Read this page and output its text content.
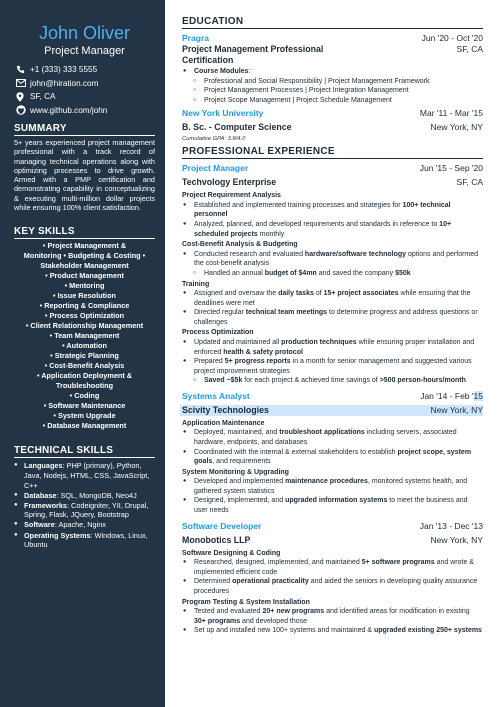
John Oliver
Project Manager
+1 (333) 333 5555
john@hiration.com
SF, CA
www.github.com/john
SUMMARY
5+ years experienced project management professional with a track record of managing technical operations along with optimizing processes to drive growth. Armed with a PMP certification and demonstrating capability in conceptualizing & executing multi-million dollar projects while ensuring 100% client satisfaction.
KEY SKILLS
• Project Management &
Monitoring • Budgeting & Costing •
Stakeholder Management
• Product Management
• Mentoring
• Issue Resolution
• Reporting & Compliance
• Process Optimization
• Client Relationship Management
• Team Management
• Automation
• Strategic Planning
• Cost-Benefit Analysis
• Application Deployment &
Troubleshooting
• Coding
• Software Maintenance
• System Upgrade
• Database Management
TECHNICAL SKILLS
● Languages: PHP (primary), Python, Java, Nodejs, HTML, CSS, JavaScript, C++
● Database: SQL, MongoDB, Neo4J
● Frameworks: Codeigniter, YII, Drupal, Spring, Flask, JQuery, Bootstrap
● Software: Apache, Nginx
● Operating Systems: Windows, Linux, Ubuntu
EDUCATION
Pragra	Jun '20 - Oct '20
Project Management Professional Certification
SF, CA
● Course Modules:
○ Professional and Social Responsibility | Project Management Framework
○ Project Management Processes | Project Integration Management
○ Project Scope Management | Project Schedule Management
New York University	Mar '11 - Mar '15
B. Sc. - Computer Science	New York, NY
Cumulative GPA: 3.8/4.0
PROFESSIONAL EXPERIENCE
Project Manager	Jun '15 - Sep '20
Techvology Enterprise	SF, CA
Project Requirement Analysis
● Established and implemented training processes and strategies for 100+ technical personnel
● Analyzed, planned, and developed requirements and standards in reference to 10+ scheduled projects monthly
Cost-Benefit Analysis & Budgeting
● Conducted research and evaluated hardware/software technology options and performed the cost-benefit analysis
○ Handled an annual budget of $4mn and saved the company $50k
Training
● Assigned and oversaw the daily tasks of 15+ project associates while ensuring that the deadlines were met
● Directed regular technical team meetings to determine progress and address questions or challenges
Process Optimization
● Updated and maintained all production techniques while ensuring proper installation and enforced health & safety protocol
● Prepared 5+ progress reports in a month for senior management and suggested various project improvement strategies
○ Saved ~$5k for each project & achieved time savings of >500 person-hours/month
Systems Analyst	Jan '14 - Feb '15
Scivity Technologies	New York, NY
Application Maintenance
● Deployed, maintained, and troubleshoot applications including servers, associated hardware, endpoints, and databases
● Coordinated with the internal & external stakeholders to establish project scope, system goals, and requirements
System Monitoring & Upgrading
● Developed and implemented maintenance procedures, monitored systems health, and gathered system statistics
● Designed, implemented, and upgraded information systems to meet the business and user needs
Software Developer	Jan '13 - Dec '13
Monobotics LLP	New York, NY
Software Designing & Coding
● Researched, designed, implemented, and maintained 5+ software programs and wrote & implemented efficient code
● Determined operational practicality and aided the seniors in developing quality assurance procedures
Program Testing & System Installation
● Tested and evaluated 20+ new programs and identified areas for modification in existing 30+ programs and developed those
● Set up and installed new 100+ systems and maintained & upgraded existing 250+ systems
